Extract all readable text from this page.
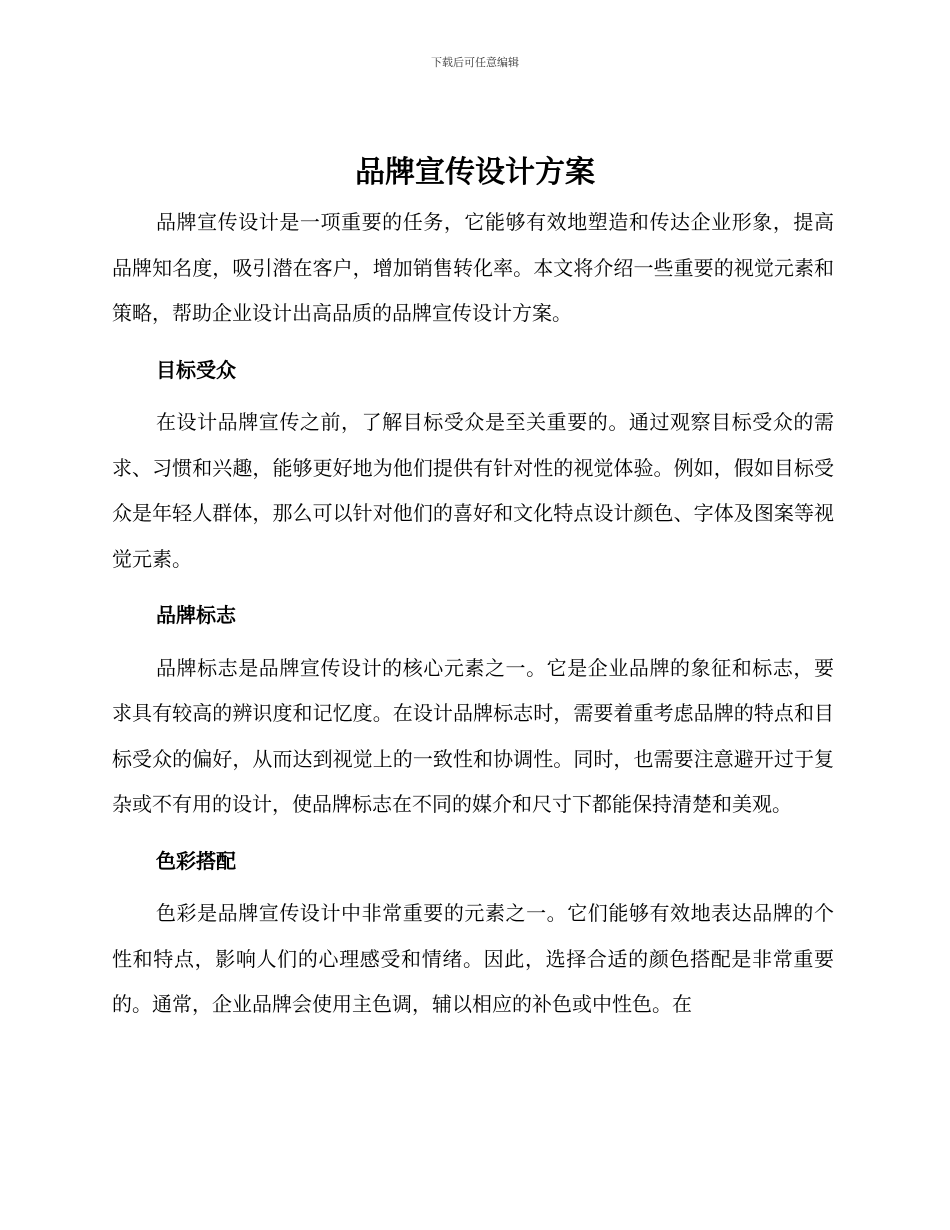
下载后可任意编辑
品牌宣传设计方案

品牌宣传设计是一项重要的任务，它能够有效地塑造和传达企业形象，提高品牌知名度，吸引潜在客户，增加销售转化率。本文将介绍一些重要的视觉元素和策略，帮助企业设计出高品质的品牌宣传设计方案。

目标受众

在设计品牌宣传之前，了解目标受众是至关重要的。通过观察目标受众的需求、习惯和兴趣，能够更好地为他们提供有针对性的视觉体验。例如，假如目标受众是年轻人群体，那么可以针对他们的喜好和文化特点设计颜色、字体及图案等视觉元素。

品牌标志

品牌标志是品牌宣传设计的核心元素之一。它是企业品牌的象征和标志，要求具有较高的辨识度和记忆度。在设计品牌标志时，需要着重考虑品牌的特点和目标受众的偏好，从而达到视觉上的一致性和协调性。同时，也需要注意避开过于复杂或不有用的设计，使品牌标志在不同的媒介和尺寸下都能保持清楚和美观。

色彩搭配

色彩是品牌宣传设计中非常重要的元素之一。它们能够有效地表达品牌的个性和特点，影响人们的心理感受和情绪。因此，选择合适的颜色搭配是非常重要的。通常，企业品牌会使用主色调，辅以相应的补色或中性色。在
